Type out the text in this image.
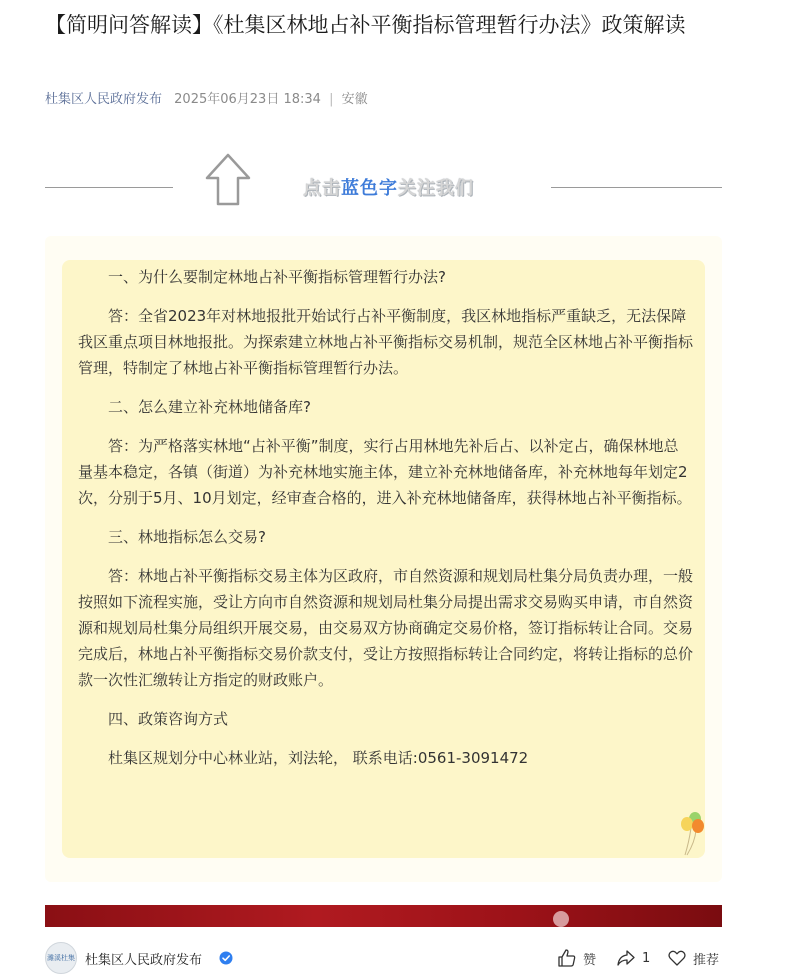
【简明问答解读】《杜集区林地占补平衡指标管理暂行办法》政策解读
杜集区人民政府发布 2025年06月23日 18:34 | 安徽
点击蓝色字关注我们

一、为什么要制定林地占补平衡指标管理暂行办法?

答：全省2023年对林地报批开始试行占补平衡制度，我区林地指标严重缺乏，无法保障我区重点项目林地报批。为探索建立林地占补平衡指标交易机制，规范全区林地占补平衡指标管理，特制定了林地占补平衡指标管理暂行办法。

二、怎么建立补充林地储备库?

答：为严格落实林地“占补平衡”制度，实行占用林地先补后占、以补定占，确保林地总量基本稳定，各镇（街道）为补充林地实施主体，建立补充林地储备库，补充林地每年划定2次，分别于5月、10月划定，经审查合格的，进入补充林地储备库，获得林地占补平衡指标。

三、林地指标怎么交易?

答：林地占补平衡指标交易主体为区政府，市自然资源和规划局杜集分局负责办理，一般按照如下流程实施，受让方向市自然资源和规划局杜集分局提出需求交易购买申请，市自然资源和规划局杜集分局组织开展交易，由交易双方协商确定交易价格，签订指标转让合同。交易完成后，林地占补平衡指标交易价款支付，受让方按照指标转让合同约定，将转让指标的总价款一次性汇缴转让方指定的财政账户。

四、政策咨询方式

杜集区规划分中心林业站，刘法轮， 联系电话:0561-3091472

濉溪杜集 杜集区人民政府发布	赞	1	推荐
